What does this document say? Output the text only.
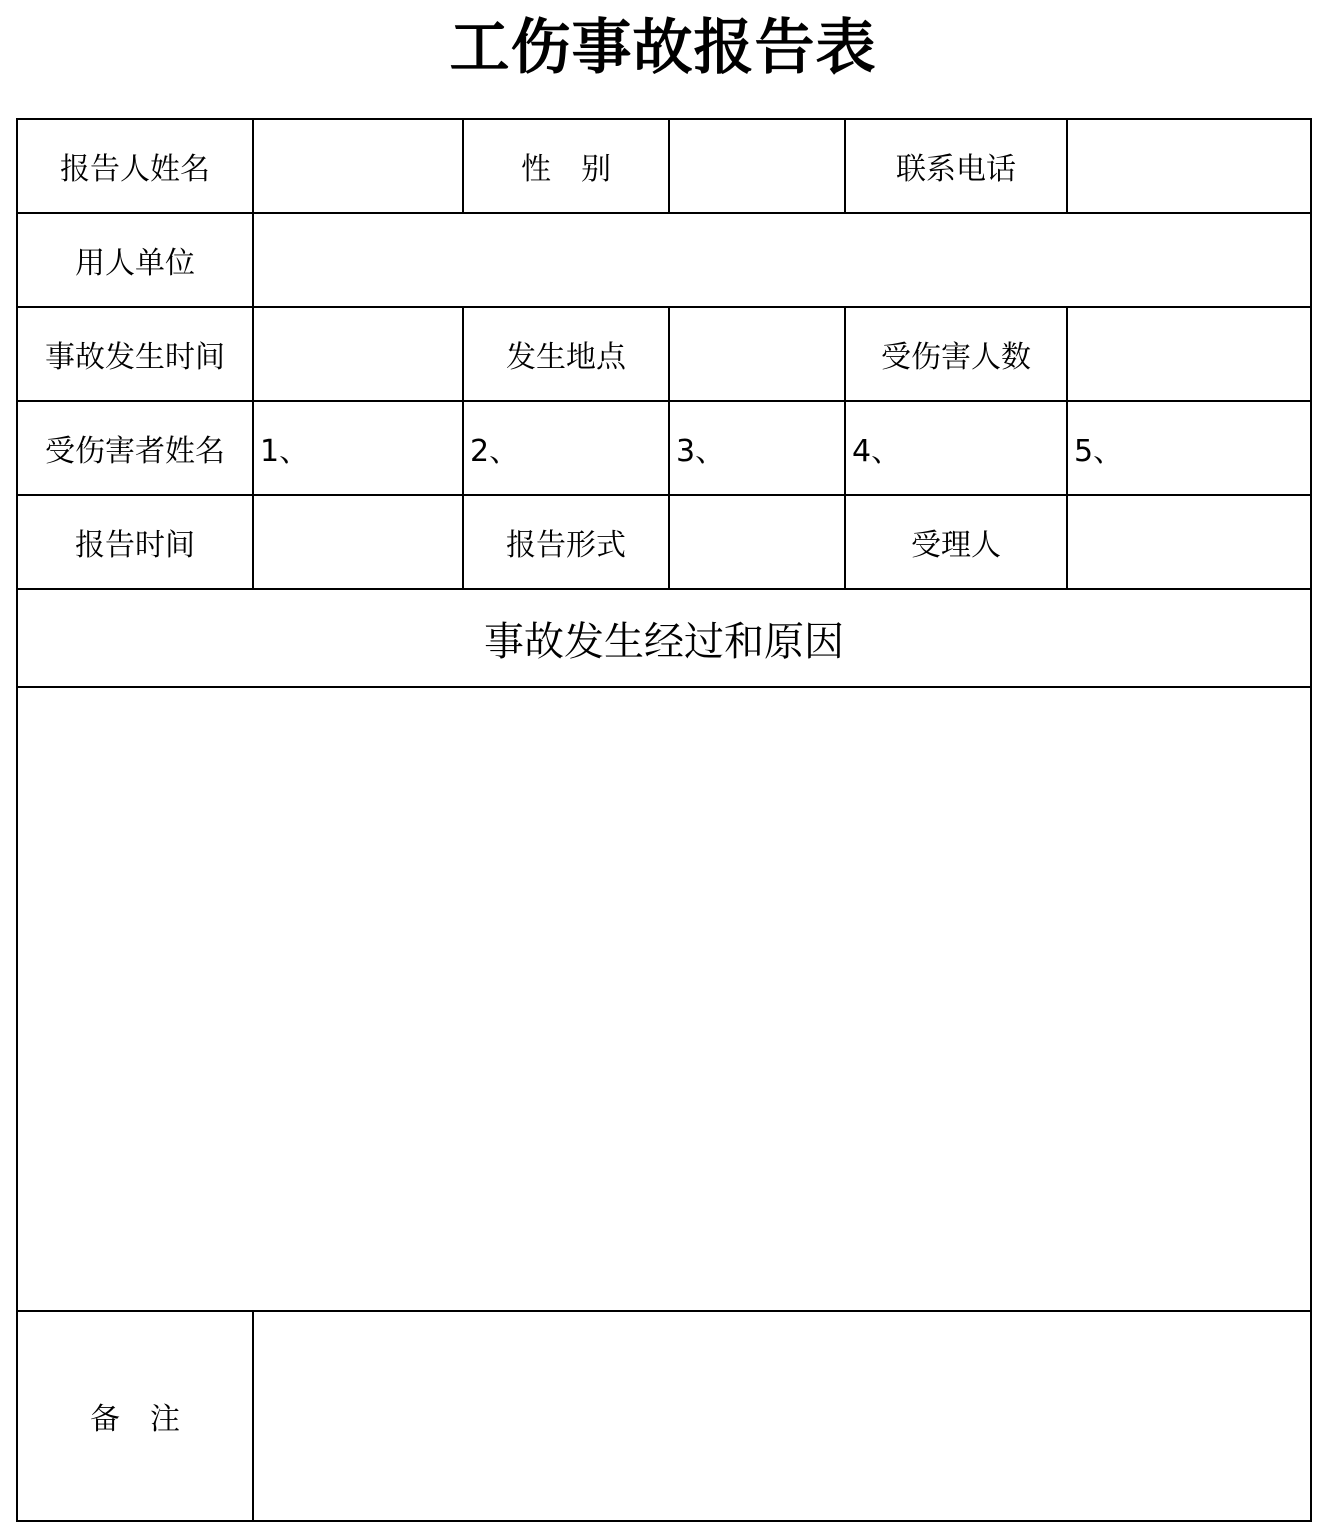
工伤事故报告表
报告人姓名		性　别		联系电话	
用人单位					
事故发生时间		发生地点		受伤害人数	
受伤害者姓名	1、	2、	3、	4、	5、
报告时间		报告形式		受理人	
事故发生经过和原因					

备　注					
